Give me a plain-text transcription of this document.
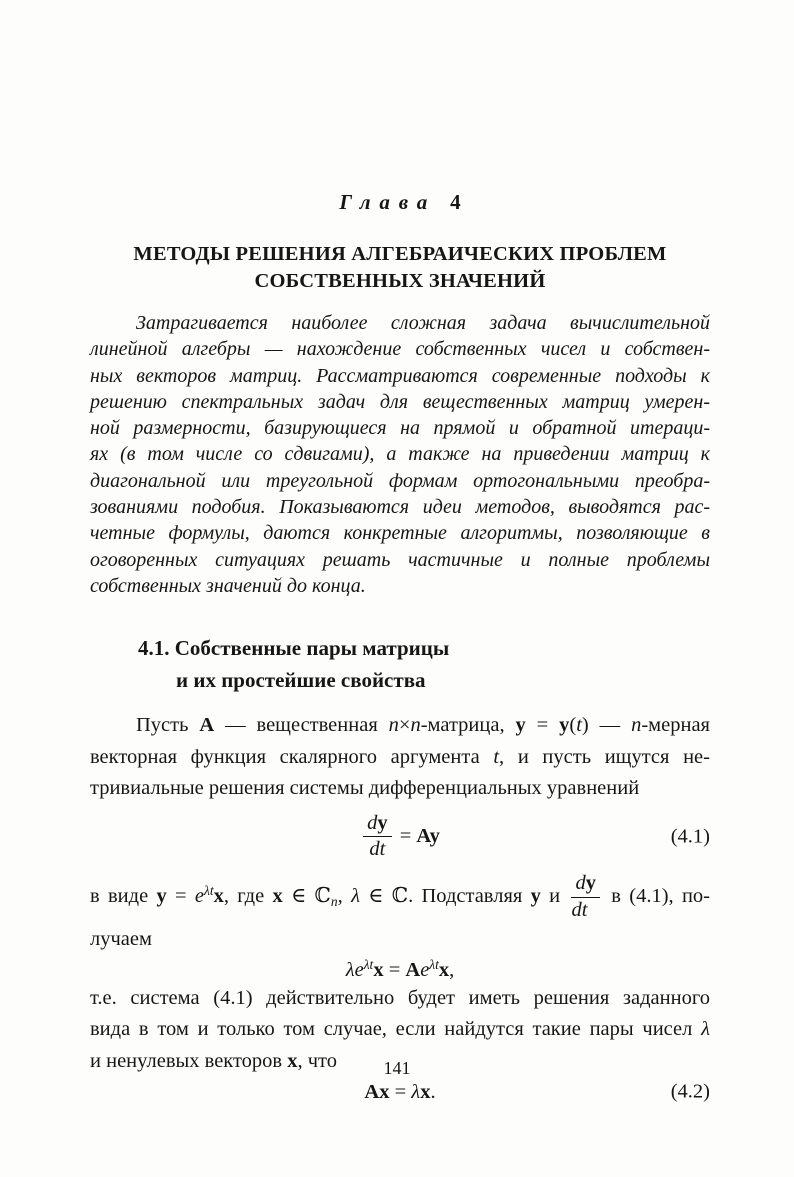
Глава 4
МЕТОДЫ РЕШЕНИЯ АЛГЕБРАИЧЕСКИХ ПРОБЛЕМ
СОБСТВЕННЫХ ЗНАЧЕНИЙ
Затрагивается наиболее сложная задача вычислительной
линейной алгебры — нахождение собственных чисел и собствен-
ных векторов матриц. Рассматриваются современные подходы к
решению спектральных задач для вещественных матриц умерен-
ной размерности, базирующиеся на прямой и обратной итераци-
ях (в том числе со сдвигами), а также на приведении матриц к
диагональной или треугольной формам ортогональными преобра-
зованиями подобия. Показываются идеи методов, выводятся рас-
четные формулы, даются конкретные алгоритмы, позволяющие в
оговоренных ситуациях решать частичные и полные проблемы
собственных значений до конца.
4.1. Собственные пары матрицы
и их простейшие свойства
Пусть A — вещественная n×n-матрица, y = y(t) — n-мерная
векторная функция скалярного аргумента t, и пусть ищутся не-
тривиальные решения системы дифференциальных уравнений
$\frac{dy}{dt} = Ay$	(4.1)
в виде $y = e^{\lambda t}x$, где x ∈ ℂn, λ ∈ ℂ. Подставляя y и $\frac{dy}{dt}$ в (4.1), по-
лучаем
$\lambda e^{\lambda t}x = Ae^{\lambda t}x$,
т.е. система (4.1) действительно будет иметь решения заданного
вида в том и только том случае, если найдутся такие пары чисел λ
и ненулевых векторов x, что
Ax = λx.	(4.2)
141
